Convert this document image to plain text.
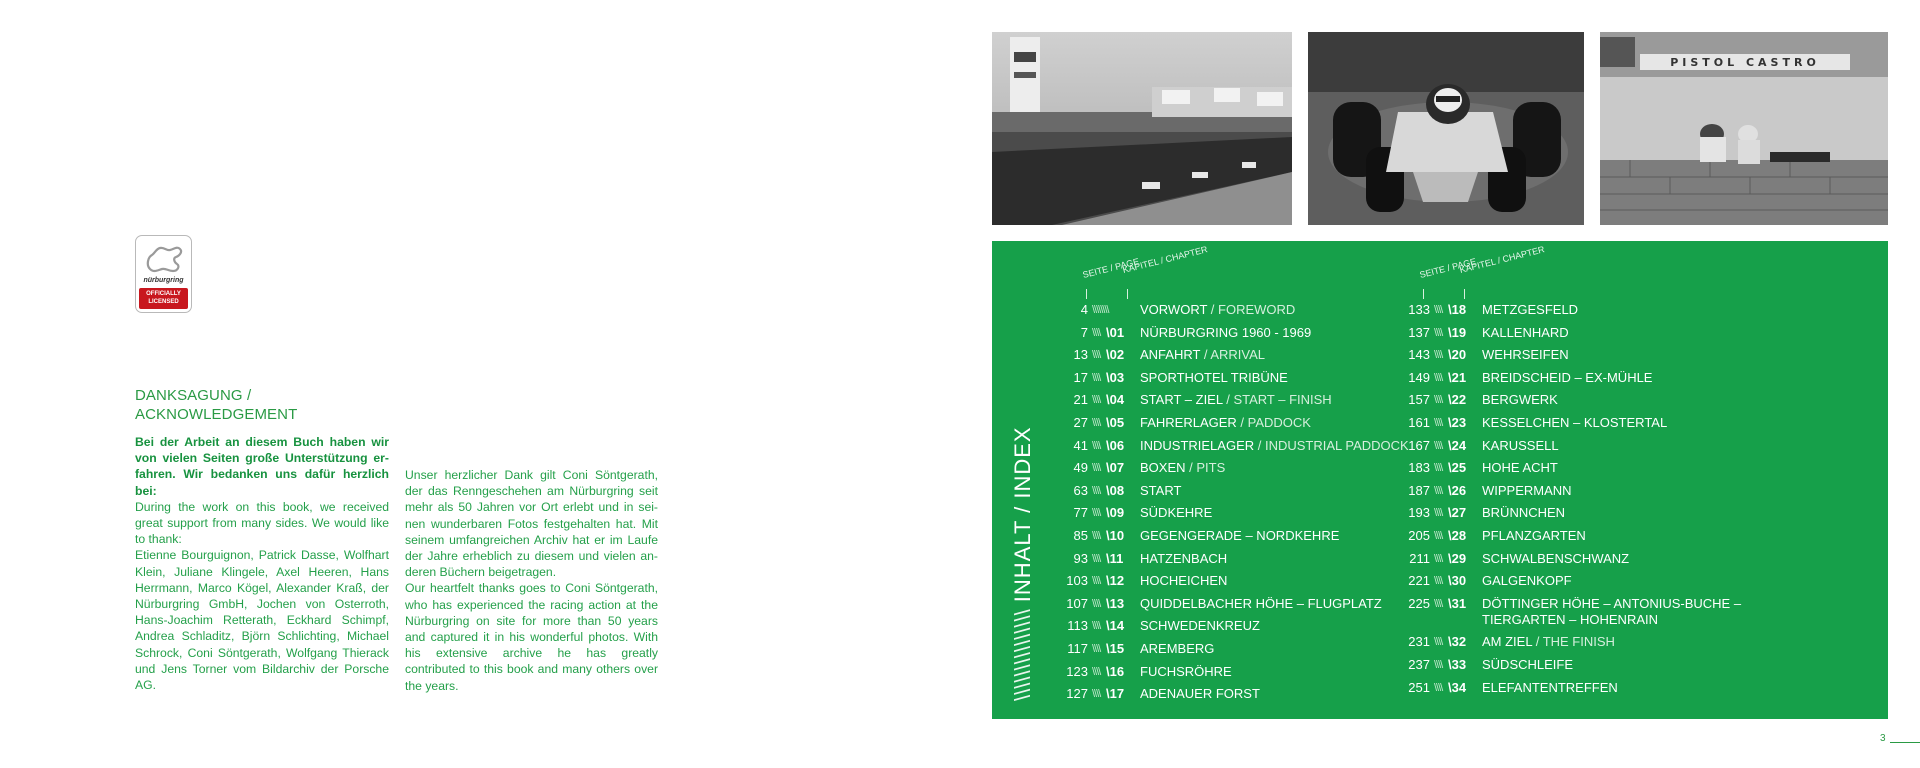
nürburgring
OFFICIALLY
LICENSED
DANKSAGUNG /
ACKNOWLEDGEMENT
Bei der Arbeit an diesem Buch haben wir von vielen Seiten große Unterstützung er-fahren. Wir bedanken uns dafür herzlich bei:
During the work on this book, we received great support from many sides. We would like to thank:
Etienne Bourguignon, Patrick Dasse, Wolfhart Klein, Juliane Klingele, Axel Heeren, Hans Herrmann, Marco Kögel, Alexander Kraß, der Nürburgring GmbH, Jochen von Osterroth, Hans-Joachim Retterath, Eckhard Schimpf, Andrea Schladitz, Björn Schlichting, Michael Schrock, Coni Söntgerath, Wolfgang Thierack und Jens Torner vom Bildarchiv der Porsche AG.
Unser herzlicher Dank gilt Coni Söntgerath, der das Renngeschehen am Nürburgring seit mehr als 50 Jahren vor Ort erlebt und in sei-nen wunderbaren Fotos festgehalten hat. Mit seinem umfangreichen Archiv hat er im Laufe der Jahre erheblich zu diesem und vielen an-deren Büchern beigetragen.
Our heartfelt thanks goes to Coni Söntgerath, who has experienced the racing action at the Nürburgring on site for more than 50 years and captured it in his wonderful photos. With his extensive archive he has greatly contributed to this book and many others over the years.
PISTOL CASTRO
\\\\\\\\\\\\\\\ INHALT / INDEX
SEITE / PAGE
KAPITEL / CHAPTER	SEITE / PAGE
KAPITEL / CHAPTER
4 \\\\\\\\ VORWORT / FOREWORD
7 \\\\ \01	NÜRBURGRING 1960 - 1969
13 \\\\ \02	ANFAHRT / ARRIVAL
17 \\\\ \03	SPORTHOTEL TRIBÜNE
21 \\\\ \04	START – ZIEL / START – FINISH
27 \\\\ \05	FAHRERLAGER / PADDOCK
41 \\\\ \06	INDUSTRIELAGER / INDUSTRIAL PADDOCK
49 \\\\ \07	BOXEN / PITS
63 \\\\ \08	START
77 \\\\ \09	SÜDKEHRE
85 \\\\ \10	GEGENGERADE – NORDKEHRE
93 \\\\ \11	HATZENBACH
103 \\\\ \12	HOCHEICHEN
107 \\\\ \13	QUIDDELBACHER HÖHE – FLUGPLATZ
113 \\\\ \14	SCHWEDENKREUZ
117 \\\\ \15	AREMBERG
123 \\\\ \16	FUCHSRÖHRE
127 \\\\ \17	ADENAUER FORST
133 \\\\ \18	METZGESFELD
137 \\\\ \19	KALLENHARD
143 \\\\ \20	WEHRSEIFEN
149 \\\\ \21	BREIDSCHEID – EX-MÜHLE
157 \\\\ \22	BERGWERK
161 \\\\ \23	KESSELCHEN – KLOSTERTAL
167 \\\\ \24	KARUSSELL
183 \\\\ \25	HOHE ACHT
187 \\\\ \26	WIPPERMANN
193 \\\\ \27	BRÜNNCHEN
205 \\\\ \28	PFLANZGARTEN
211 \\\\ \29	SCHWALBENSCHWANZ
221 \\\\ \30	GALGENKOPF
225 \\\\ \31	DÖTTINGER HÖHE – ANTONIUS-BUCHE –
TIERGARTEN – HOHENRAIN
231 \\\\ \32	AM ZIEL / THE FINISH
237 \\\\ \33	SÜDSCHLEIFE
251 \\\\ \34	ELEFANTENTREFFEN
3
